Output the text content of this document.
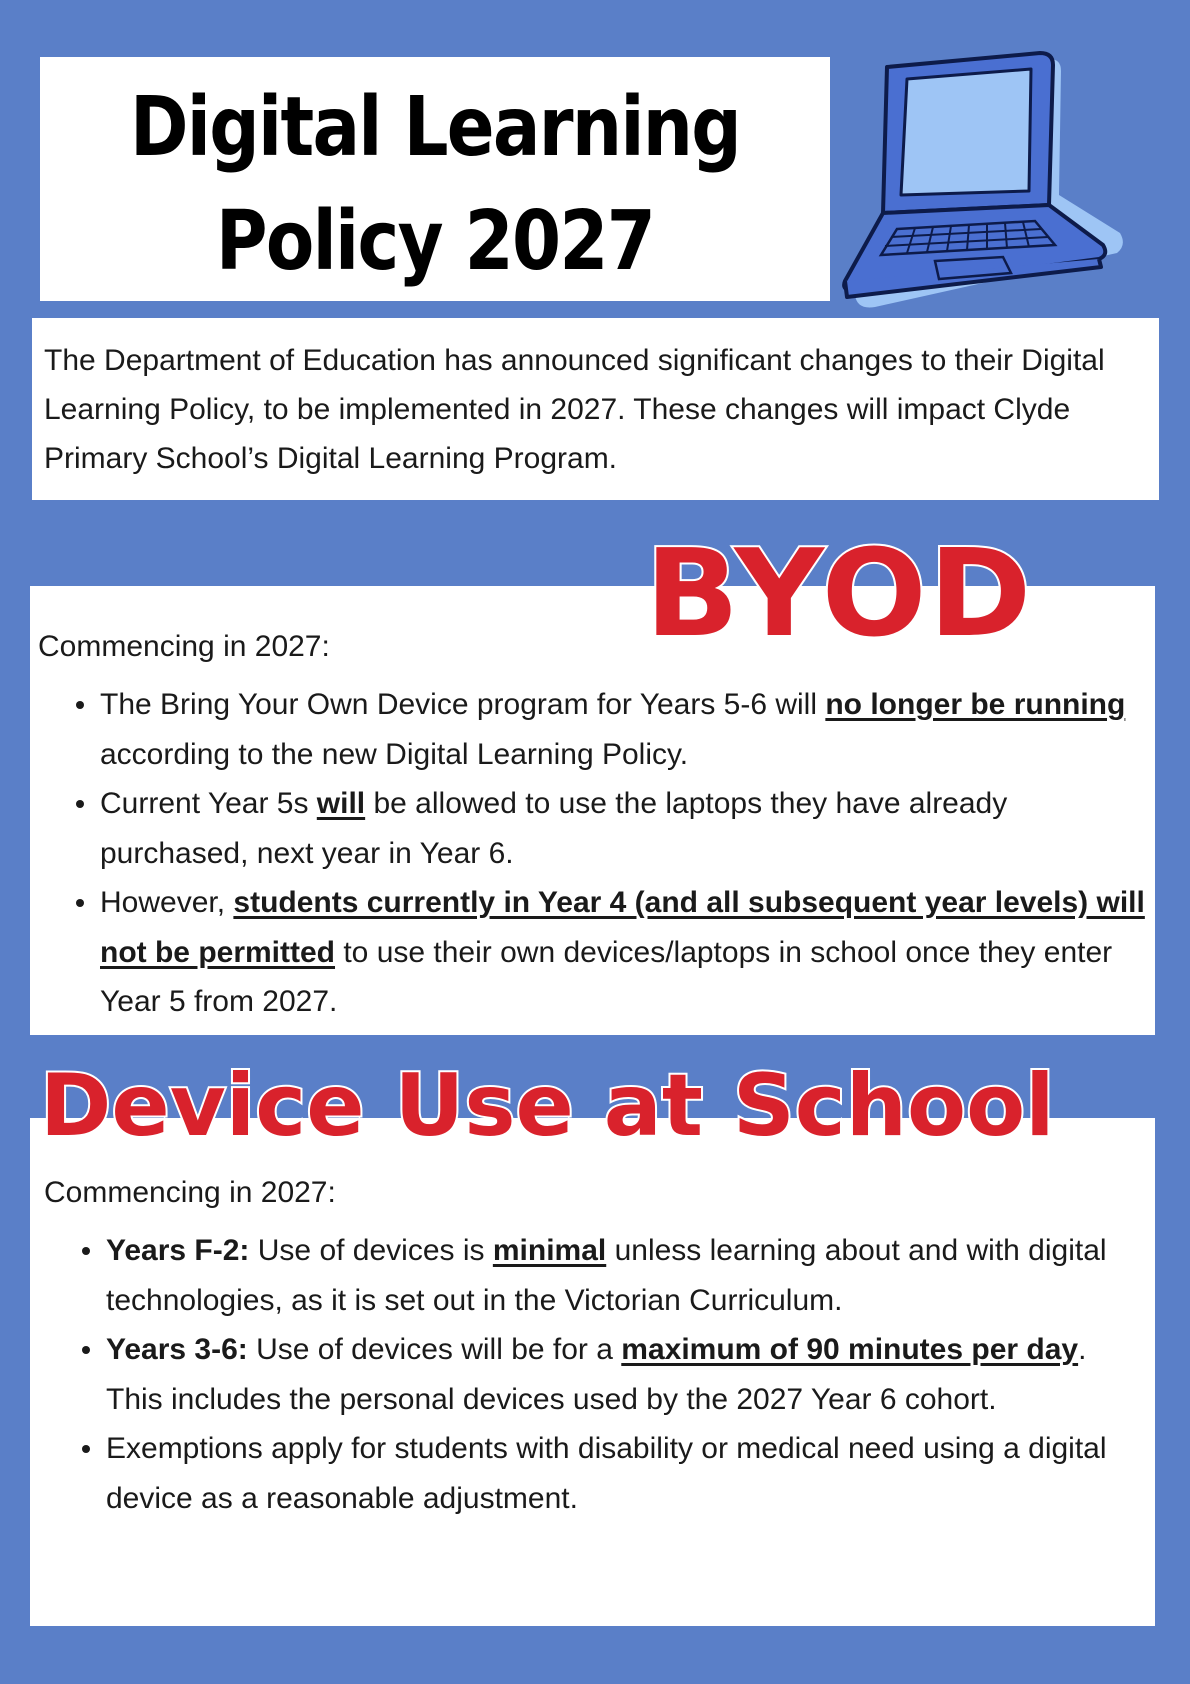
Digital Learning
Policy 2027

The Department of Education has announced significant changes to their Digital Learning Policy, to be implemented in 2027. These changes will impact Clyde Primary School’s Digital Learning Program.

Commencing in 2027:

The Bring Your Own Device program for Years 5-6 will no longer be running according to the new Digital Learning Policy.
Current Year 5s will be allowed to use the laptops they have already purchased, next year in Year 6.
However, students currently in Year 4 (and all subsequent year levels) will not be permitted to use their own devices/laptops in school once they enter Year 5 from 2027.
BYOD

Commencing in 2027:

Years F-2: Use of devices is minimal unless learning about and with digital technologies, as it is set out in the Victorian Curriculum.
Years 3-6: Use of devices will be for a maximum of 90 minutes per day. This includes the personal devices used by the 2027 Year 6 cohort.
Exemptions apply for students with disability or medical need using a digital device as a reasonable adjustment.
Device Use at School
